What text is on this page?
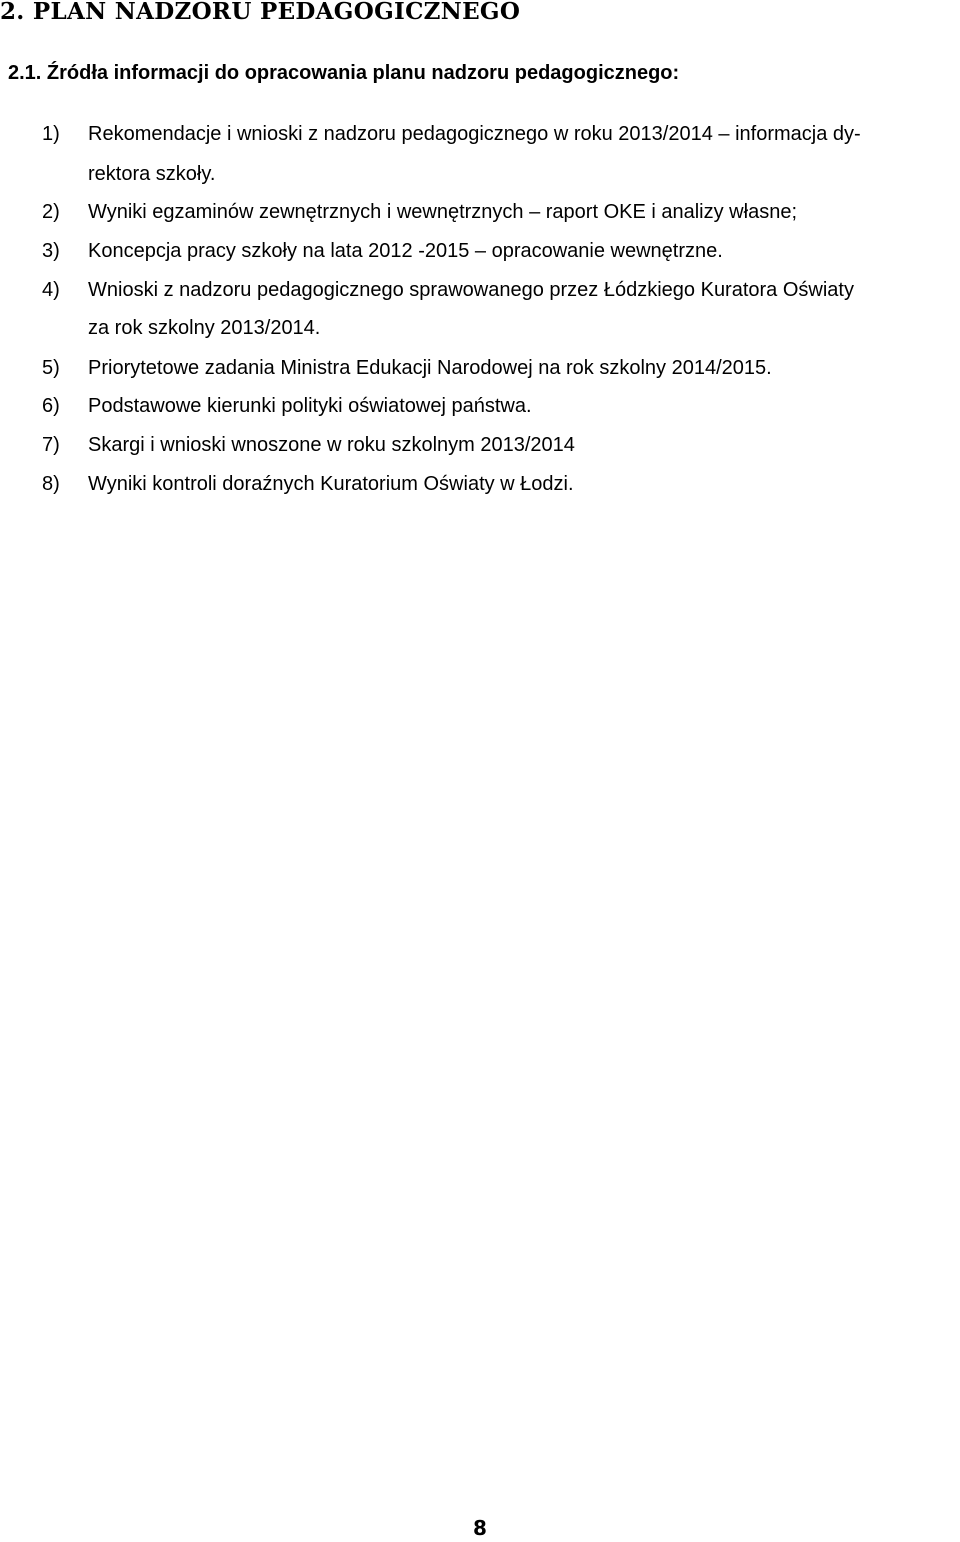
2. PLAN NADZORU PEDAGOGICZNEGO
2.1. Źródła informacji do opracowania planu nadzoru pedagogicznego:
1) Rekomendacje i wnioski z nadzoru pedagogicznego w roku 2013/2014 – informacja dy-
rektora szkoły.
2) Wyniki egzaminów zewnętrznych i wewnętrznych – raport OKE i analizy własne;
3) Koncepcja pracy szkoły na lata 2012 -2015 – opracowanie wewnętrzne.
4) Wnioski z nadzoru pedagogicznego sprawowanego przez Łódzkiego Kuratora Oświaty
za rok szkolny 2013/2014.
5) Priorytetowe zadania Ministra Edukacji Narodowej na rok szkolny 2014/2015.
6) Podstawowe kierunki polityki oświatowej państwa.
7) Skargi i wnioski wnoszone w roku szkolnym 2013/2014
8) Wyniki kontroli doraźnych Kuratorium Oświaty w Łodzi.
8
